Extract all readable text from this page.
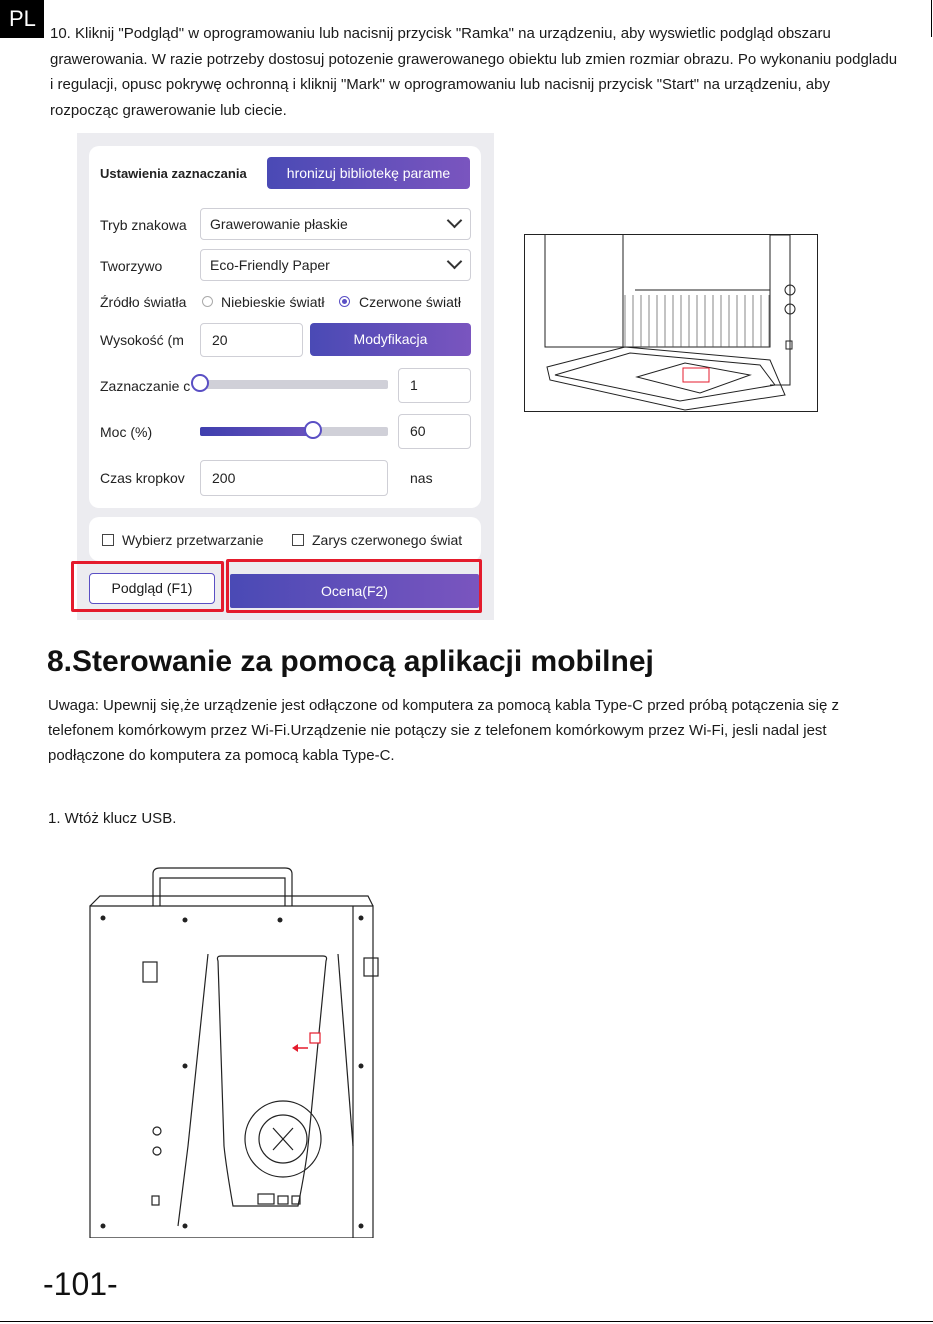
PL
10. Kliknij "Podgląd" w oprogramowaniu lub nacisnij przycisk "Ramka" na urządzeniu, aby wyswietlic podgląd obszaru grawerowania. W razie potrzeby dostosuj potozenie grawerowanego obiektu lub zmien rozmiar obrazu. Po wykonaniu podgladu i regulacji, opusc pokrywę ochronną i kliknij "Mark" w oprogramowaniu lub nacisnij przycisk "Start" na urządzeniu, aby rozpocząc grawerowanie lub ciecie.
Ustawienia zaznaczania	hronizuj bibliotekę parame
Tryb znakowa	Grawerowanie płaskie
Tworzywo	Eco-Friendly Paper
Źródło światła Niebieskie światł	Czerwone światł
Wysokość (m	20	Modyfikacja
Zaznaczanie c	1
Moc (%)	60
Czas kropkov	200	nas
Wybierz przetwarzanie	Zarys czerwonego świat
Podgląd (F1)	Ocena(F2)
8.Sterowanie za pomocą aplikacji mobilnej
Uwaga: Upewnij się,że urządzenie jest odłączone od komputera za pomocą kabla Type-C przed próbą potączenia się z telefonem komórkowym przez Wi-Fi.Urządzenie nie potączy sie z telefonem komórkowym przez Wi-Fi, jesli nadal jest podłączone do komputera za pomocą kabla Type-C.
1. Wtóż klucz USB.
-101-
